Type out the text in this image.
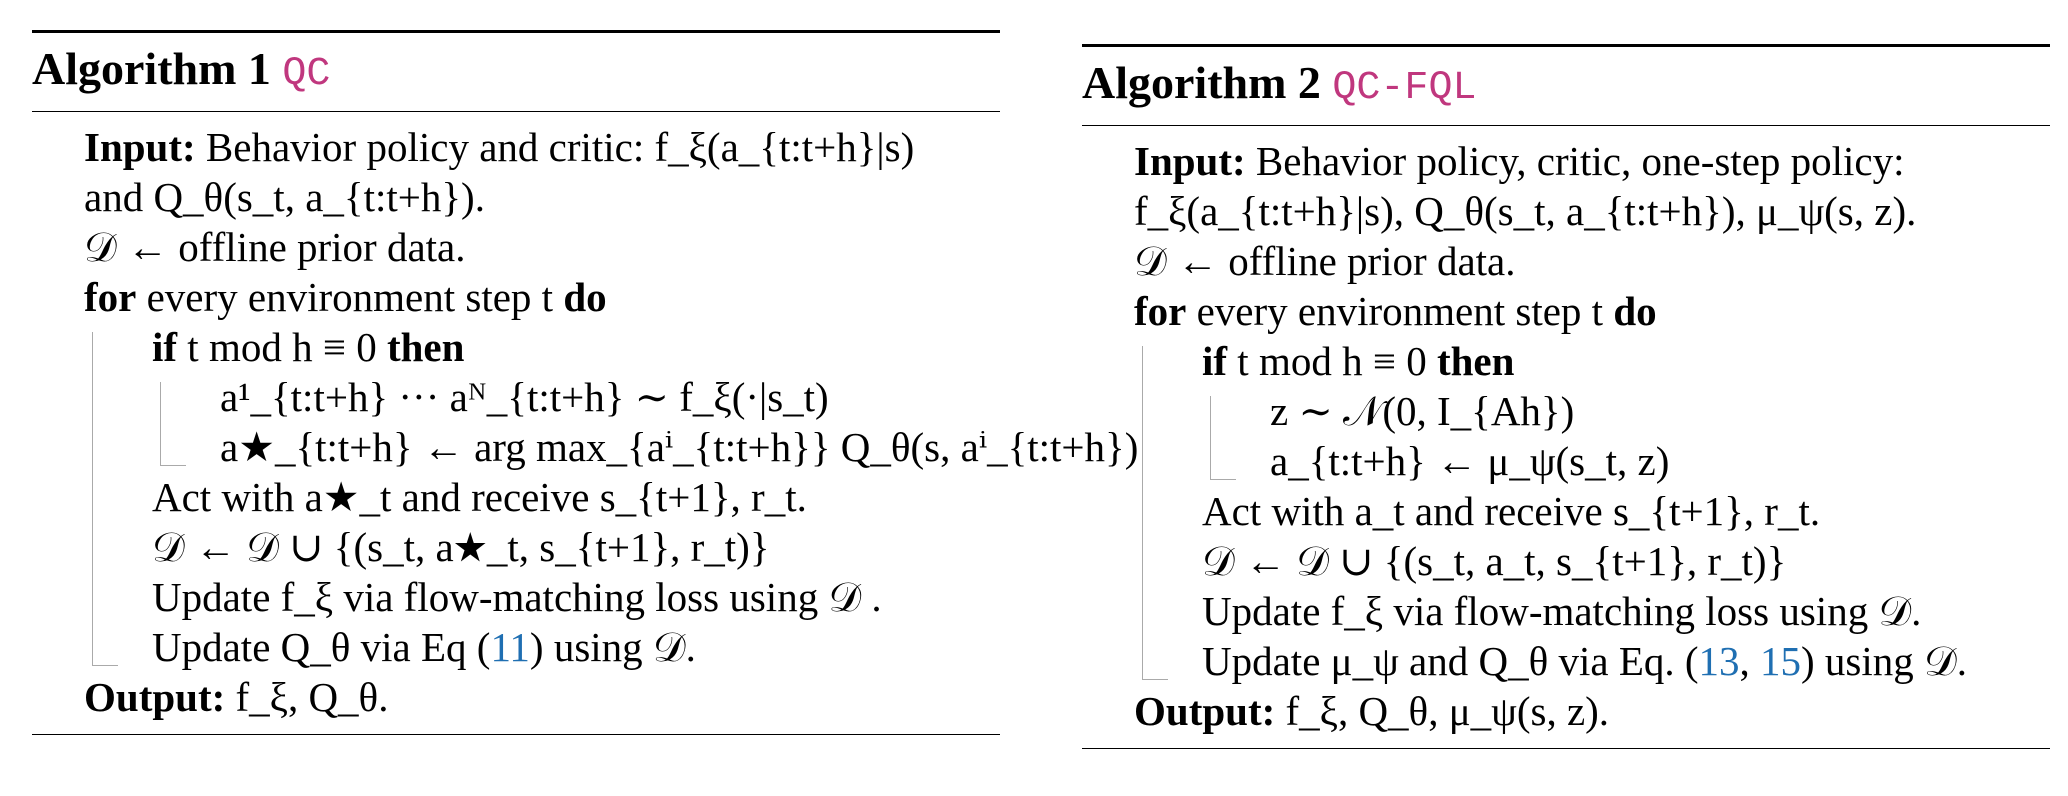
Algorithm 1 QC
Input: Behavior policy and critic: f_ξ(a_{t:t+h}|s)
and Q_θ(s_t, a_{t:t+h}).
𝒟 ← offline prior data.
for every environment step t do
if t mod h ≡ 0 then
a¹_{t:t+h} ··· aᴺ_{t:t+h} ∼ f_ξ(·|s_t)
a★_{t:t+h} ← arg max_{aⁱ_{t:t+h}} Q_θ(s, aⁱ_{t:t+h})
Act with a★_t and receive s_{t+1}, r_t.
𝒟 ← 𝒟 ∪ {(s_t, a★_t, s_{t+1}, r_t)}
Update f_ξ via flow-matching loss using 𝒟 .
Update Q_θ via Eq (11) using 𝒟.
Output: f_ξ, Q_θ.
Algorithm 2 QC-FQL
Input: Behavior policy, critic, one-step policy:
f_ξ(a_{t:t+h}|s), Q_θ(s_t, a_{t:t+h}), μ_ψ(s, z).
𝒟 ← offline prior data.
for every environment step t do
if t mod h ≡ 0 then
z ∼ 𝒩(0, I_{Ah})
a_{t:t+h} ← μ_ψ(s_t, z)
Act with a_t and receive s_{t+1}, r_t.
𝒟 ← 𝒟 ∪ {(s_t, a_t, s_{t+1}, r_t)}
Update f_ξ via flow-matching loss using 𝒟.
Update μ_ψ and Q_θ via Eq. (13, 15) using 𝒟.
Output: f_ξ, Q_θ, μ_ψ(s, z).
